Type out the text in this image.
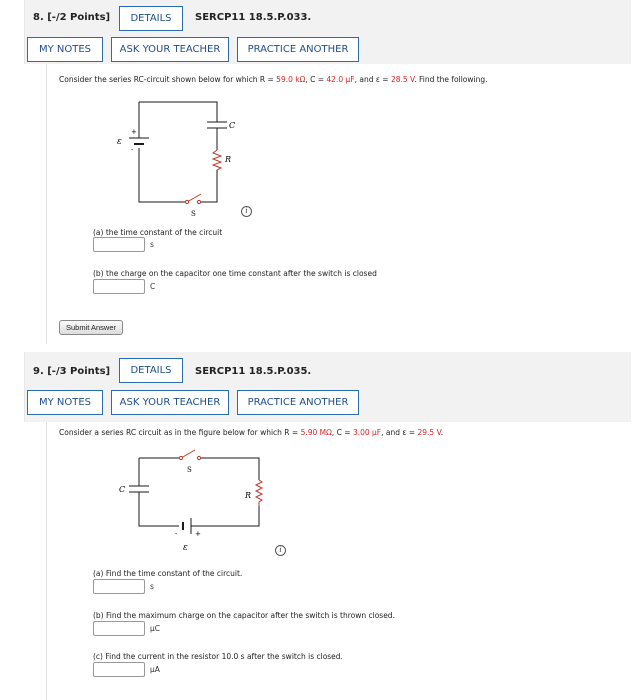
8. [-/2 Points]	DETAILS	SERCP11 18.5.P.033.
MY NOTES	ASK YOUR TEACHER	PRACTICE ANOTHER
Consider the series RC-circuit shown below for which R = 59.0 kΩ, C = 42.0 µF, and ε = 28.5 V. Find the following.
ε
+
-
C
R
S	i
(a) the time constant of the circuit
s
(b) the charge on the capacitor one time constant after the switch is closed
C
Submit Answer
9. [-/3 Points]	DETAILS	SERCP11 18.5.P.035.
MY NOTES	ASK YOUR TEACHER	PRACTICE ANOTHER
Consider a series RC circuit as in the figure below for which R = 5.90 MΩ, C = 3.00 µF, and ε = 29.5 V.
S
C
R
-	+
ε	i
(a) Find the time constant of the circuit.
s
(b) Find the maximum charge on the capacitor after the switch is thrown closed.
µC
(c) Find the current in the resistor 10.0 s after the switch is closed.
µA
